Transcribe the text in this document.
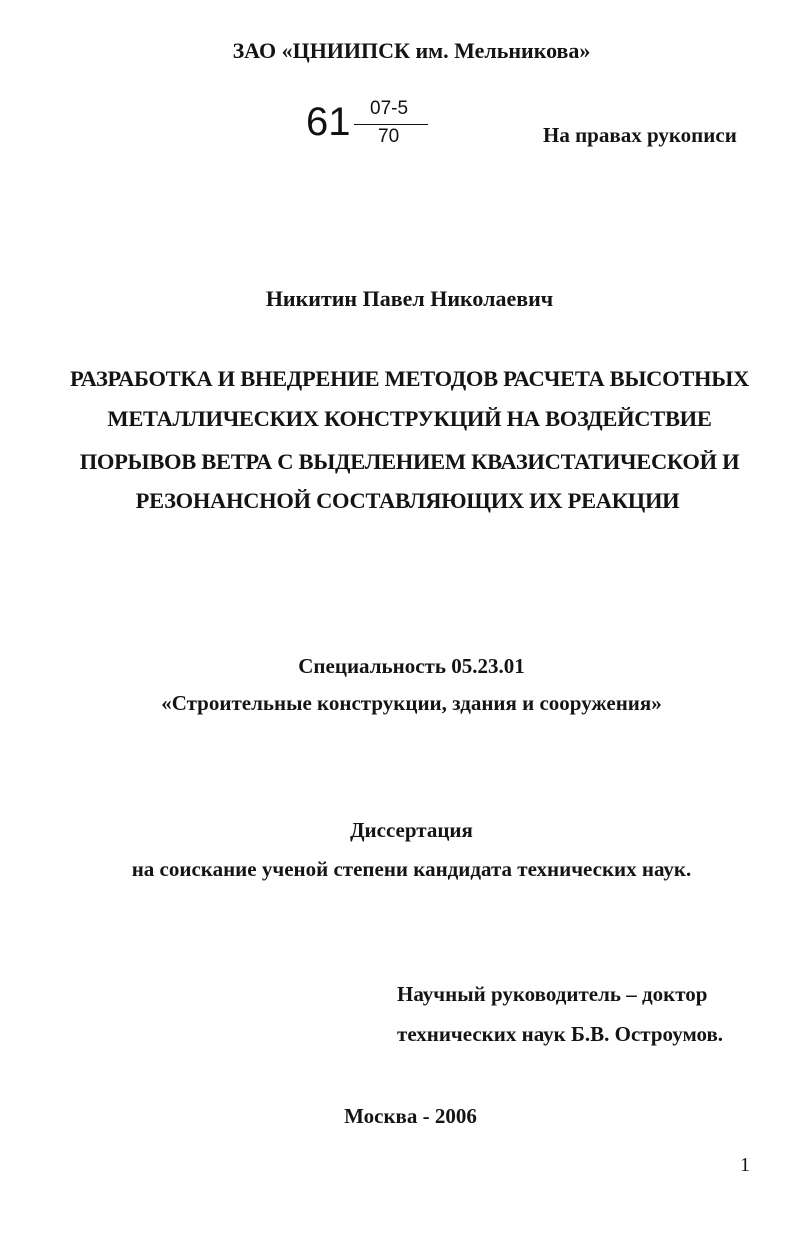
ЗАО «ЦНИИПСК им. Мельникова»
61 07-5
70	На правах рукописи
Никитин Павел Николаевич
РАЗРАБОТКА И ВНЕДРЕНИЕ МЕТОДОВ РАСЧЕТА ВЫСОТНЫХ
МЕТАЛЛИЧЕСКИХ КОНСТРУКЦИЙ НА ВОЗДЕЙСТВИЕ
ПОРЫВОВ ВЕТРА С ВЫДЕЛЕНИЕМ КВАЗИСТАТИЧЕСКОЙ И
РЕЗОНАНСНОЙ СОСТАВЛЯЮЩИХ ИХ РЕАКЦИИ
Специальность 05.23.01
«Строительные конструкции, здания и сооружения»
Диссертация
на соискание ученой степени кандидата технических наук.
Научный руководитель – доктор
технических наук Б.В. Остроумов.
Москва - 2006
1
